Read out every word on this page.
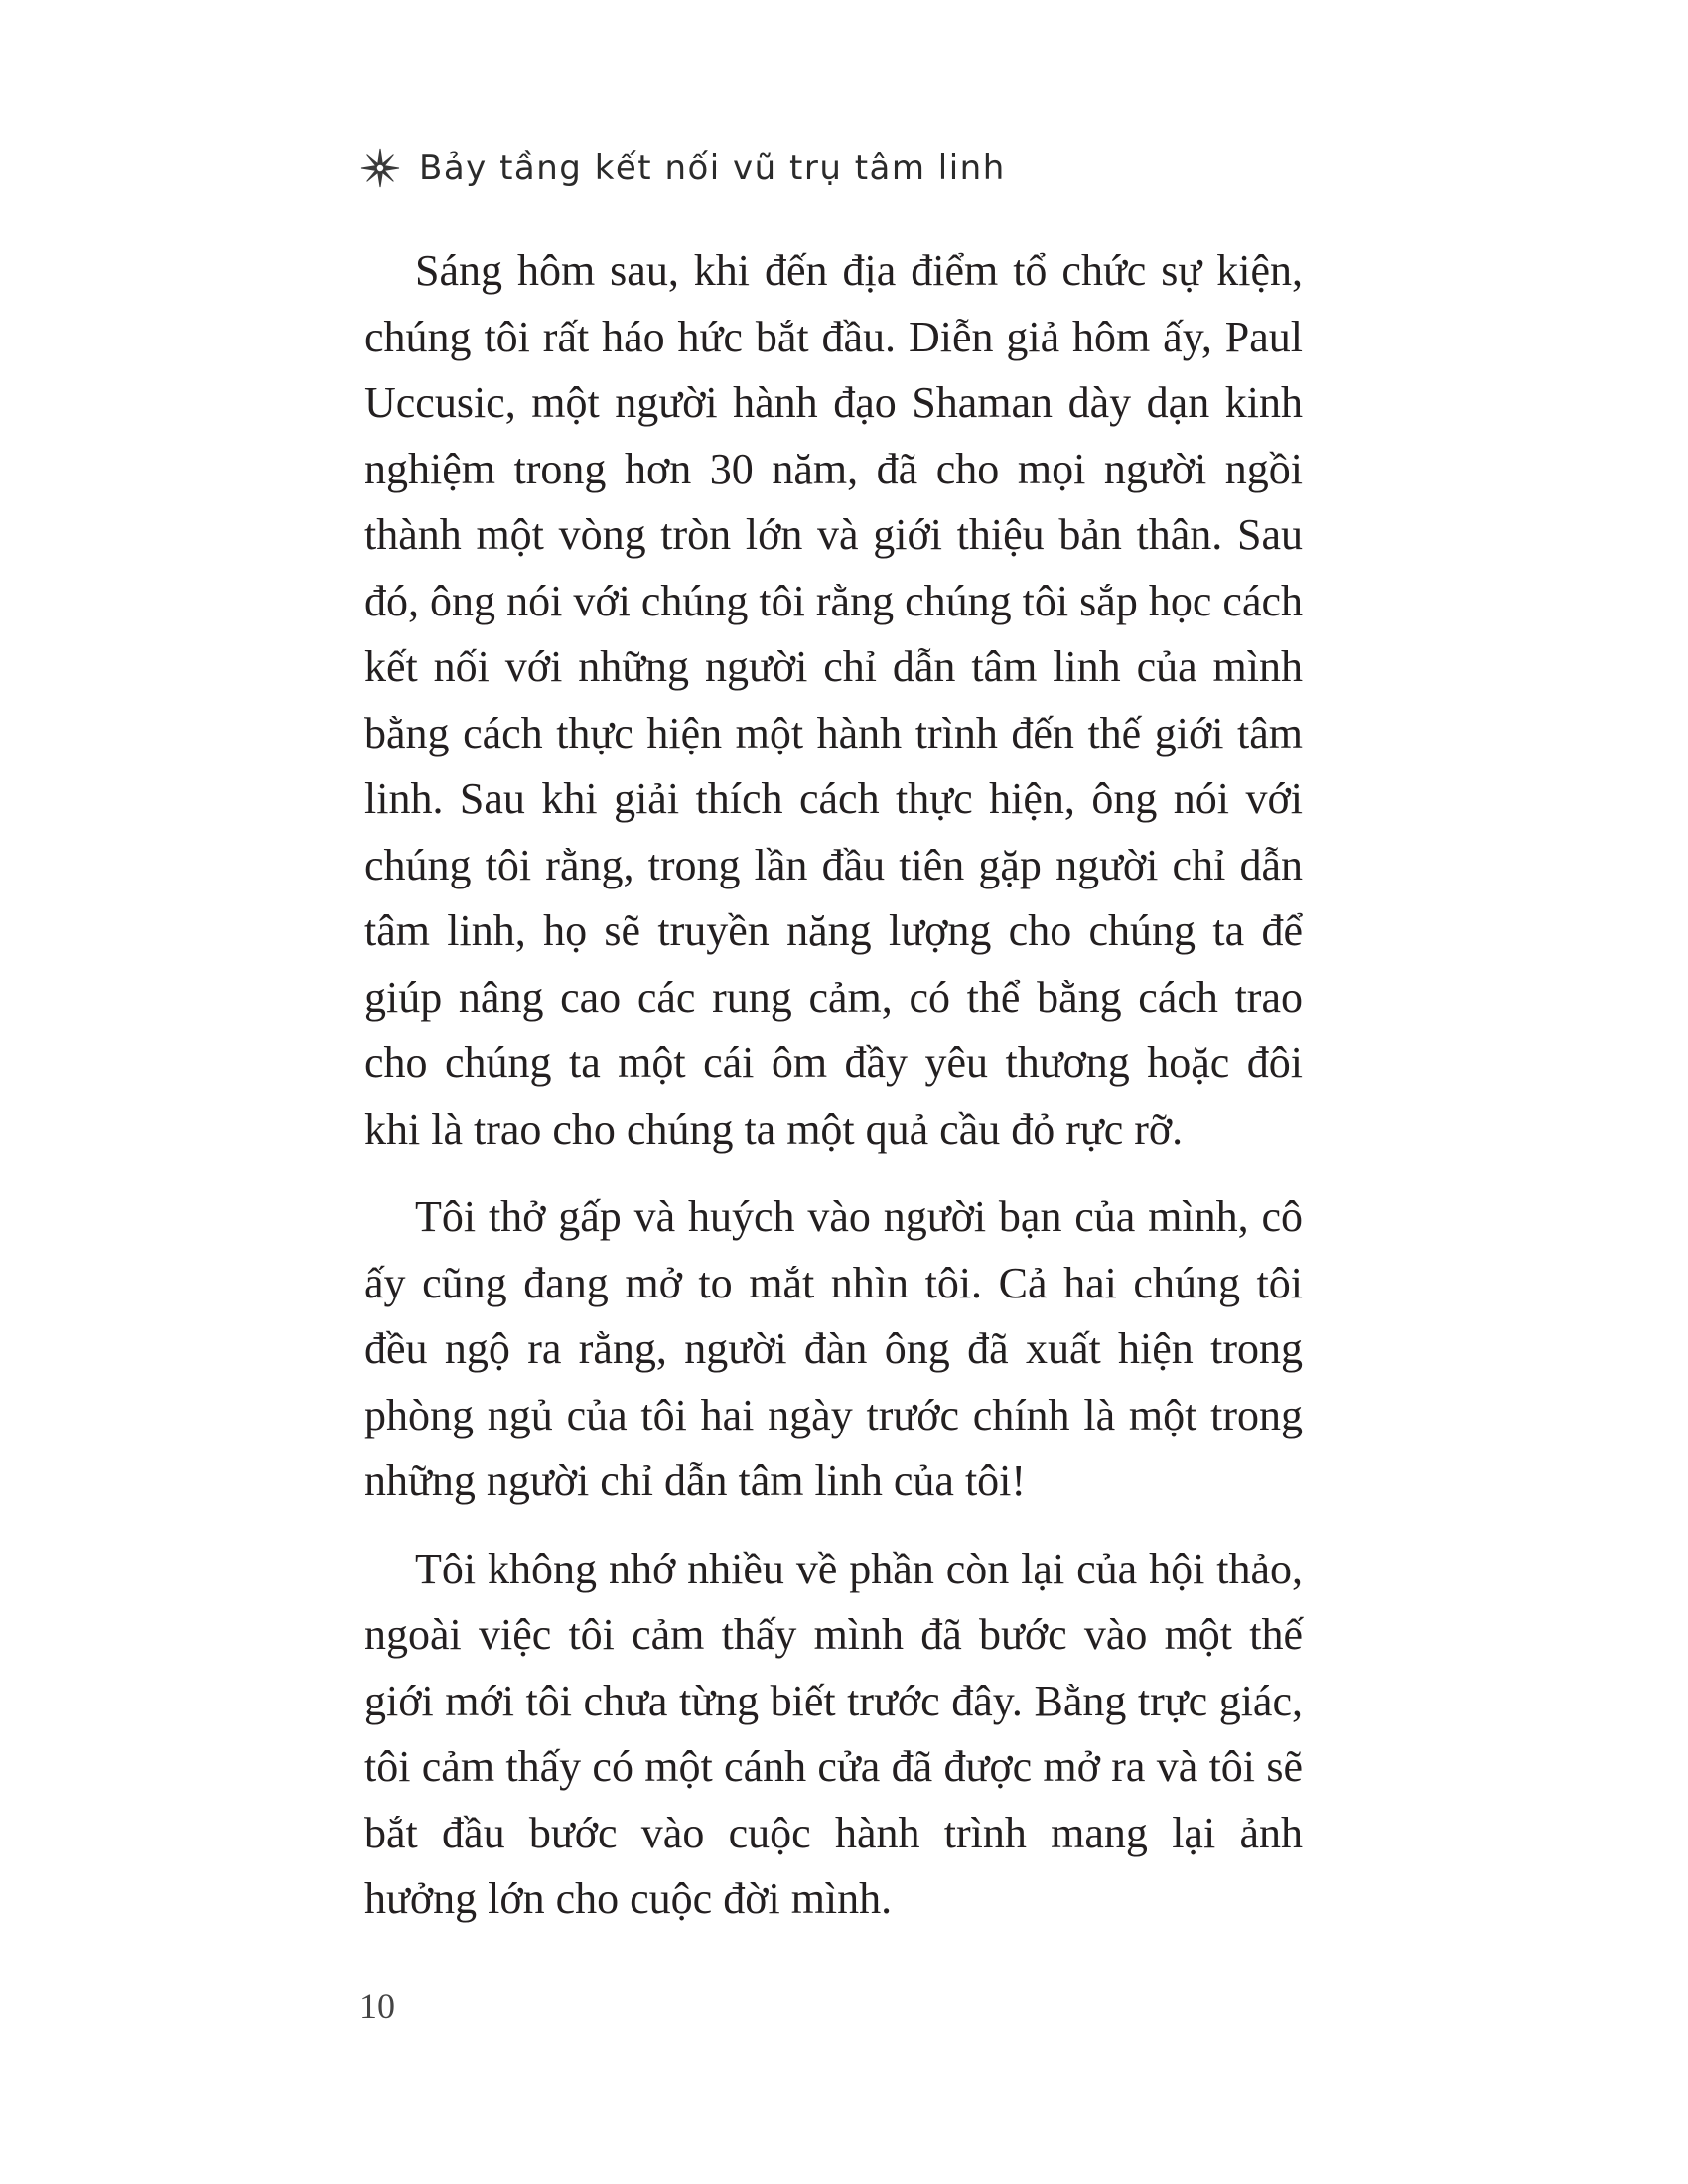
Bảy tầng kết nối vũ trụ tâm linh

Sáng hôm sau, khi đến địa điểm tổ chức sự kiện, chúng tôi rất háo hức bắt đầu. Diễn giả hôm ấy, Paul Uccusic, một người hành đạo Shaman dày dạn kinh nghiệm trong hơn 30 năm, đã cho mọi người ngồi thành một vòng tròn lớn và giới thiệu bản thân. Sau đó, ông nói với chúng tôi rằng chúng tôi sắp học cách kết nối với những người chỉ dẫn tâm linh của mình bằng cách thực hiện một hành trình đến thế giới tâm linh. Sau khi giải thích cách thực hiện, ông nói với chúng tôi rằng, trong lần đầu tiên gặp người chỉ dẫn tâm linh, họ sẽ truyền năng lượng cho chúng ta để giúp nâng cao các rung cảm, có thể bằng cách trao cho chúng ta một cái ôm đầy yêu thương hoặc đôi khi là trao cho chúng ta một quả cầu đỏ rực rỡ.

Tôi thở gấp và huých vào người bạn của mình, cô ấy cũng đang mở to mắt nhìn tôi. Cả hai chúng tôi đều ngộ ra rằng, người đàn ông đã xuất hiện trong phòng ngủ của tôi hai ngày trước chính là một trong những người chỉ dẫn tâm linh của tôi!

Tôi không nhớ nhiều về phần còn lại của hội thảo, ngoài việc tôi cảm thấy mình đã bước vào một thế giới mới tôi chưa từng biết trước đây. Bằng trực giác, tôi cảm thấy có một cánh cửa đã được mở ra và tôi sẽ bắt đầu bước vào cuộc hành trình mang lại ảnh hưởng lớn cho cuộc đời mình.

10
